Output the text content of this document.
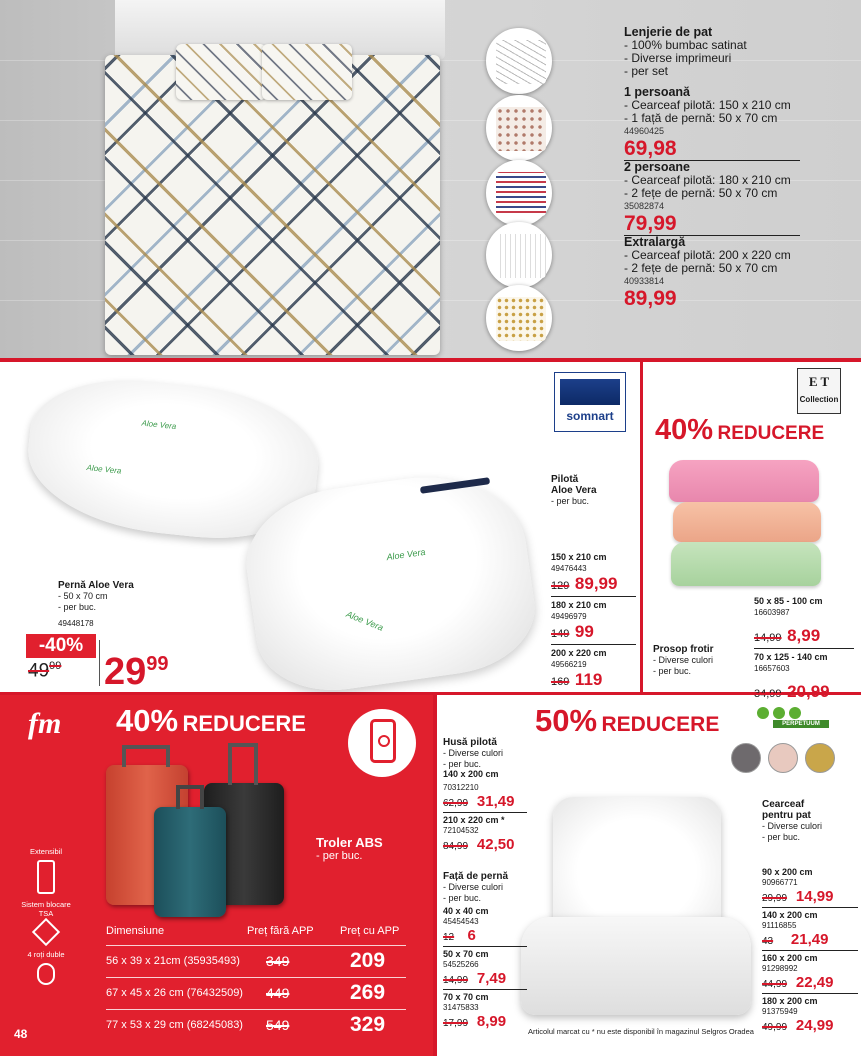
Lenjerie de pat
- 100% bumbac satinat
- Diverse imprimeuri
- per set
1 persoană
- Cearceaf pilotă: 150 x 210 cm
- 1 față de pernă: 50 x 70 cm
44960425
69,98
2 persoane
- Cearceaf pilotă: 180 x 210 cm
- 2 fețe de pernă: 50 x 70 cm
35082874
79,99
Extralargă
- Cearceaf pilotă: 200 x 220 cm
- 2 fețe de pernă: 50 x 70 cm
40933814
89,99
Aloe Vera
Aloe Vera
Aloe Vera
Aloe Vera
somnart
Pernă Aloe Vera
- 50 x 70 cm
- per buc.
49448178
-40%
$49^{99}$ $29^{99}$
Pilotă
Aloe Vera
- per buc.
150 x 210 cm
49476443
129 89,99
180 x 210 cm
49496979
149 99
200 x 220 cm
49566219
169 119
E T
Collection
40% REDUCERE
50 x 85 - 100 cm
16603987
14,99 8,99
70 x 125 - 140 cm
16657603
34,99 20,99
Prosop frotir
- Diverse culori
- per buc.
fm 40% REDUCERE
Troler ABS
- per buc.
Extensibil
Sistem blocare TSA
4 roți duble
Dimensiune	Preț fără APP Preț cu APP
56 x 39 x 21cm (35935493) 349	209
67 x 45 x 26 cm (76432509) 449	269
77 x 53 x 29 cm (68245083) 549	329
48
50% REDUCERE	PERPETUUM
Husă pilotă
- Diverse culori
- per buc.
140 x 200 cm
70312210
62,99 31,49
210 x 220 cm *
72104532
84,99 42,50
Față de pernă
- Diverse culori
- per buc.
40 x 40 cm
45454543
12 6
50 x 70 cm
54525266
14,99 7,49
70 x 70 cm
31475833
17,99 8,99
Cearceaf
pentru pat
- Diverse culori
- per buc.
90 x 200 cm
90966771
29,99 14,99
140 x 200 cm
91116855
43 21,49
160 x 200 cm
91298992
44,99 22,49
180 x 200 cm
91375949
49,99 24,99
Articolul marcat cu * nu este disponibil în magazinul Selgros Oradea
